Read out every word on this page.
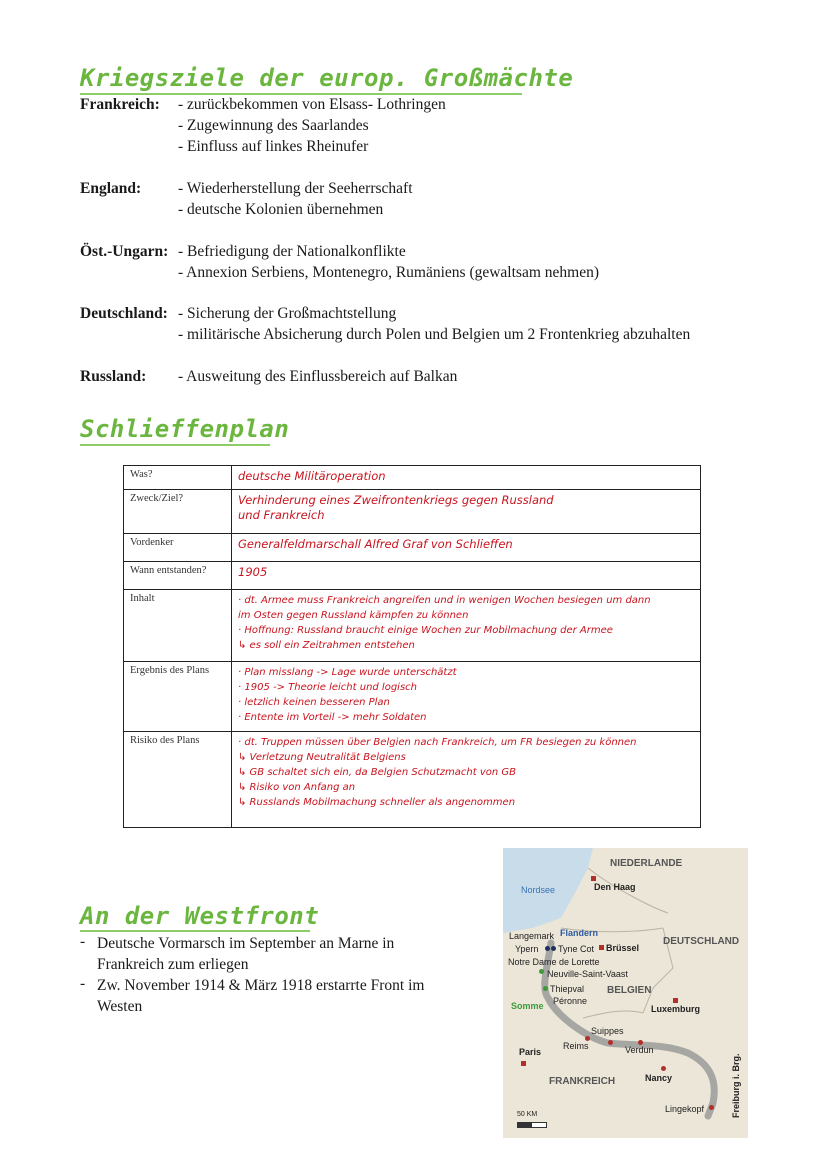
Kriegsziele der europ. Großmächte
Frankreich: - zurückbekommen von Elsass- Lothringen
- Zugewinnung des Saarlandes
- Einfluss auf linkes Rheinufer
England: - Wiederherstellung der Seeherrschaft
- deutsche Kolonien übernehmen
Öst.-Ungarn: - Befriedigung der Nationalkonflikte
- Annexion Serbiens, Montenegro, Rumäniens (gewaltsam nehmen)
Deutschland: - Sicherung der Großmachtstellung
- militärische Absicherung durch Polen und Belgien um 2 Frontenkrieg abzuhalten
Russland: - Ausweitung des Einflussbereich auf Balkan
Schlieffenplan
Was?	deutsche Militäroperation

Zweck/Ziel?	Verhinderung eines Zweifrontenkriegs gegen Russland
und Frankreich

Vordenker	Generalfeldmarschall Alfred Graf von Schlieffen

Wann entstanden?	1905

Inhalt	· dt. Armee muss Frankreich angreifen und in wenigen Wochen besiegen um dann
im Osten gegen Russland kämpfen zu können
· Hoffnung: Russland braucht einige Wochen zur Mobilmachung der Armee
↳ es soll ein Zeitrahmen entstehen

Ergebnis des Plans	· Plan misslang -> Lage wurde unterschätzt
· 1905 -> Theorie leicht und logisch
· letzlich keinen besseren Plan
· Entente im Vorteil -> mehr Soldaten

Risiko des Plans	· dt. Truppen müssen über Belgien nach Frankreich, um FR besiegen zu können
↳ Verletzung Neutralität Belgiens
↳ GB schaltet sich ein, da Belgien Schutzmacht von GB
↳ Risiko von Anfang an
↳ Russlands Mobilmachung schneller als angenommen
An der Westfront
- Deutsche Vormarsch im September an Marne in
Frankreich zum erliegen
- Zw. November 1914 & März 1918 erstarrte Front im
Westen
NIEDERLANDE
Nordsee	Den Haag
Flandern
Langemark	DEUTSCHLAND
Ypern Tyne Cot Brüssel
Notre Dame de Lorette
Neuville-Saint-Vaast
BELGIEN
Thiepval
Péronne
Somme	Luxemburg
Suippes
Reims	Verdun
Paris
Nancy
FRANKREICH
Lingekopf	Freiburg i. Brg.
50 KM
